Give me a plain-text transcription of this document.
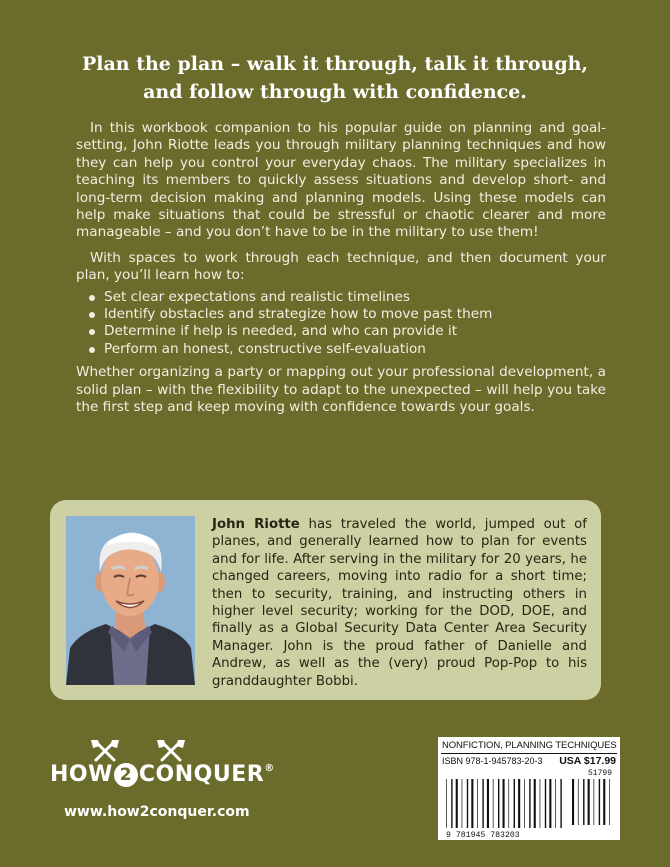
Plan the plan – walk it through, talk it through, and follow through with confidence.

In this workbook companion to his popular guide on planning and goal-setting, John Riotte leads you through military planning techniques and how they can help you control your everyday chaos. The military specializes in teaching its members to quickly assess situations and develop short- and long-term decision making and planning models. Using these models can help make situations that could be stressful or chaotic clearer and more manageable – and you don’t have to be in the military to use them!

With spaces to work through each technique, and then document your plan, you’ll learn how to:

Set clear expectations and realistic timelines
Identify obstacles and strategize how to move past them
Determine if help is needed, and who can provide it
Perform an honest, constructive self-evaluation

Whether organizing a party or mapping out your professional development, a solid plan – with the flexibility to adapt to the unexpected – will help you take the first step and keep moving with confidence towards your goals.

John Riotte has traveled the world, jumped out of planes, and generally learned how to plan for events and for life. After serving in the military for 20 years, he changed careers, moving into radio for a short time; then to security, training, and instructing others in higher level security; working for the DOD, DOE, and finally as a Global Security Data Center Area Security Manager. John is the proud father of Danielle and Andrew, as well as the (very) proud Pop-Pop to his granddaughter Bobbi.

HOW 2 CONQUER®
www.how2conquer.com
NONFICTION, PLANNING TECHNIQUES
ISBN 978-1-945783-20-3 USA $17.99
51799
9 781945 783203
